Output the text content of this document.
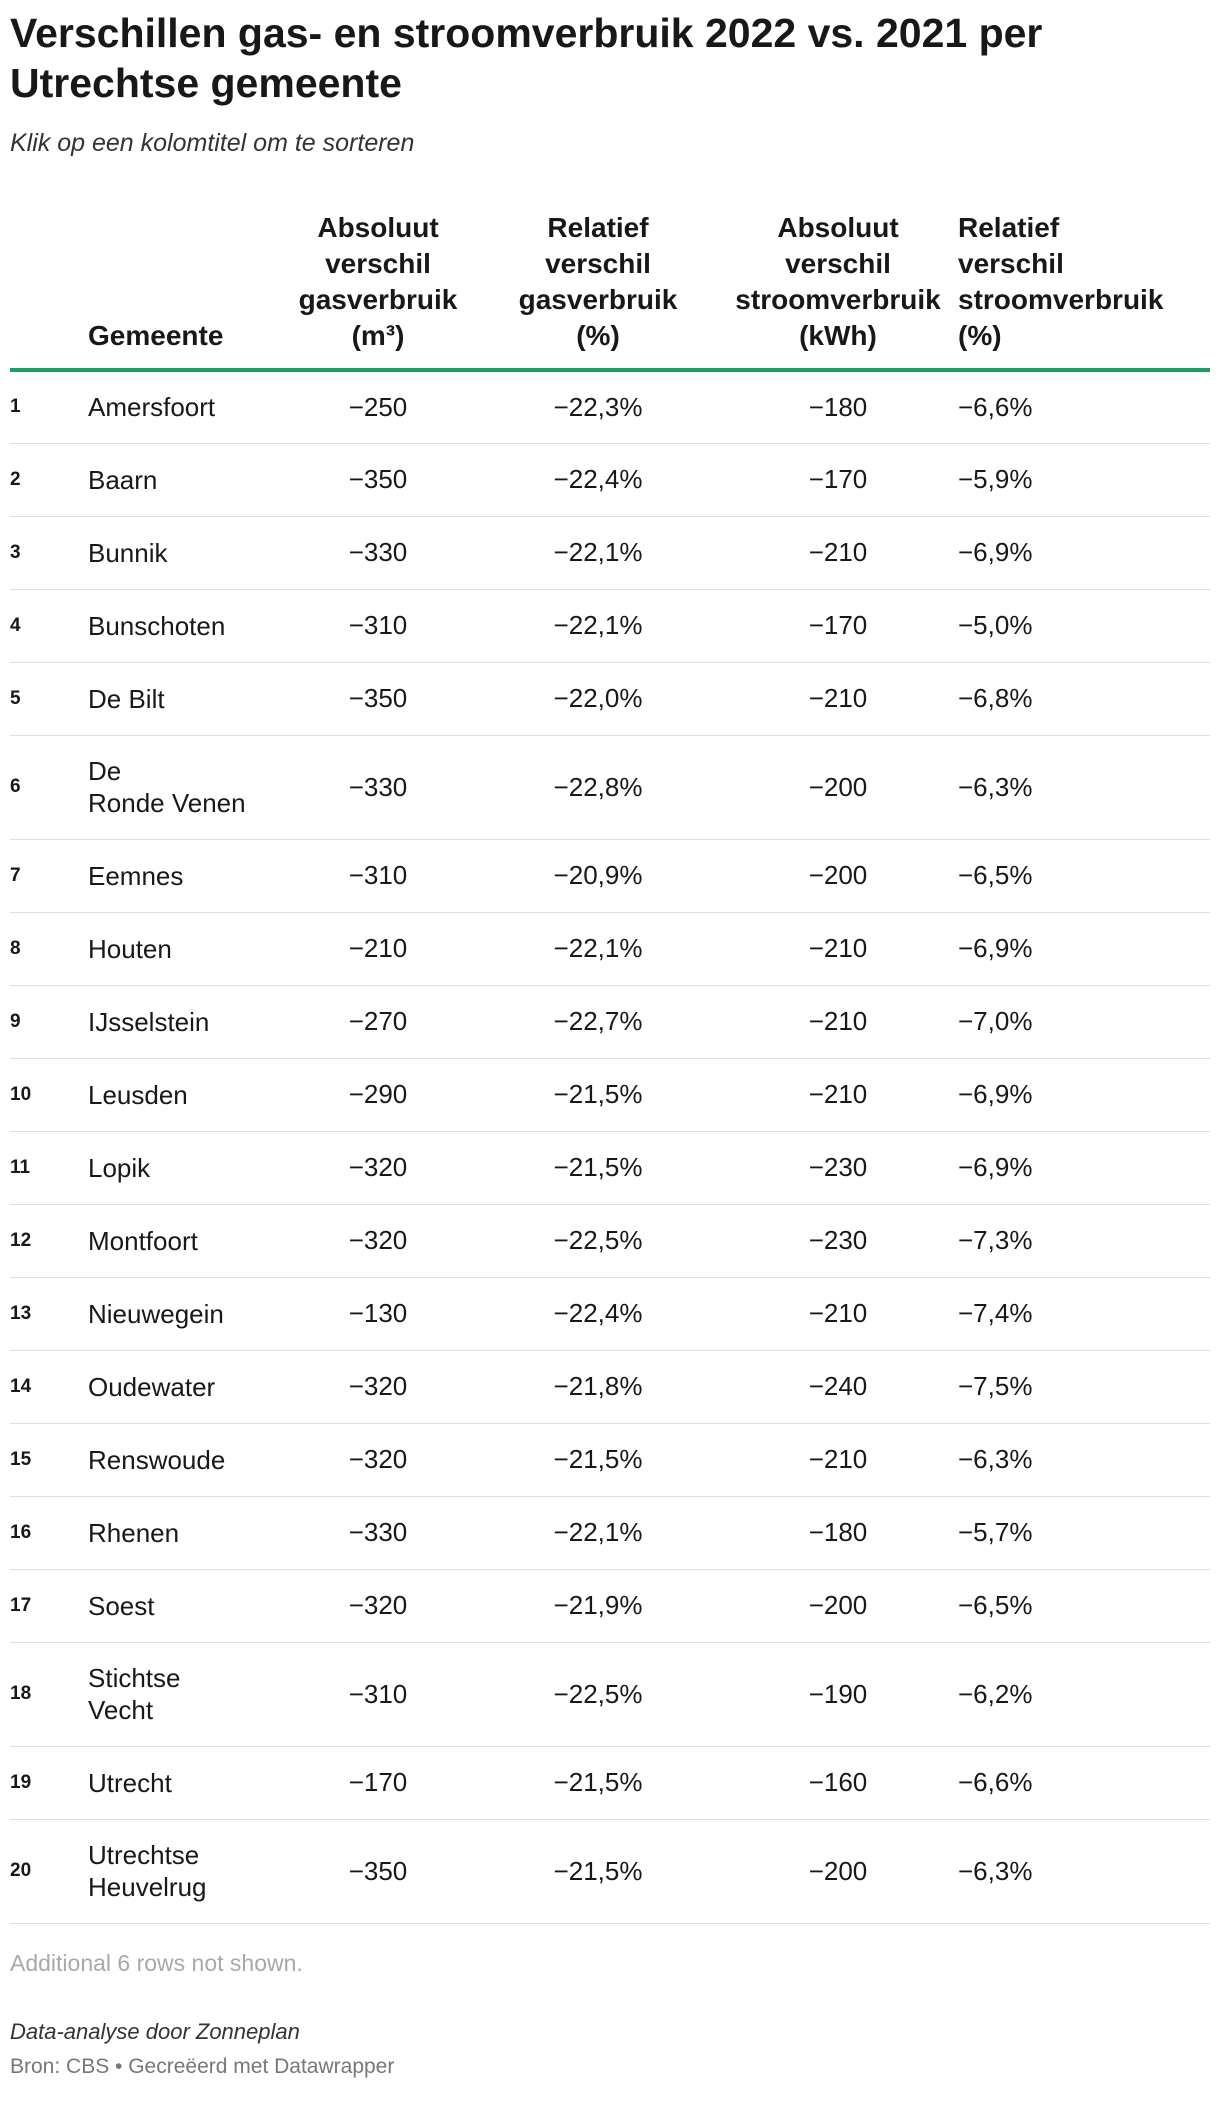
Verschillen gas- en stroomverbruik 2022 vs. 2021 per Utrechtse gemeente

Klik op een kolomtitel om te sorteren

	Gemeente	Absoluut
verschil
gasverbruik
(m³)	Relatief
verschil
gasverbruik
(%)	Absoluut
verschil
stroomverbruik
(kWh)	Relatief
verschil
stroomverbruik
(%)
1	Amersfoort	−250	−22,3%	−180	−6,6%
2	Baarn	−350	−22,4%	−170	−5,9%
3	Bunnik	−330	−22,1%	−210	−6,9%
4	Bunschoten	−310	−22,1%	−170	−5,0%
5	De Bilt	−350	−22,0%	−210	−6,8%
6	De
Ronde Venen	−330	−22,8%	−200	−6,3%
7	Eemnes	−310	−20,9%	−200	−6,5%
8	Houten	−210	−22,1%	−210	−6,9%
9	IJsselstein	−270	−22,7%	−210	−7,0%
10	Leusden	−290	−21,5%	−210	−6,9%
11	Lopik	−320	−21,5%	−230	−6,9%
12	Montfoort	−320	−22,5%	−230	−7,3%
13	Nieuwegein	−130	−22,4%	−210	−7,4%
14	Oudewater	−320	−21,8%	−240	−7,5%
15	Renswoude	−320	−21,5%	−210	−6,3%
16	Rhenen	−330	−22,1%	−180	−5,7%
17	Soest	−320	−21,9%	−200	−6,5%
18	Stichtse
Vecht	−310	−22,5%	−190	−6,2%
19	Utrecht	−170	−21,5%	−160	−6,6%
20	Utrechtse
Heuvelrug	−350	−21,5%	−200	−6,3%

Additional 6 rows not shown.

Data-analyse door Zonneplan

Bron: CBS • Gecreëerd met Datawrapper
